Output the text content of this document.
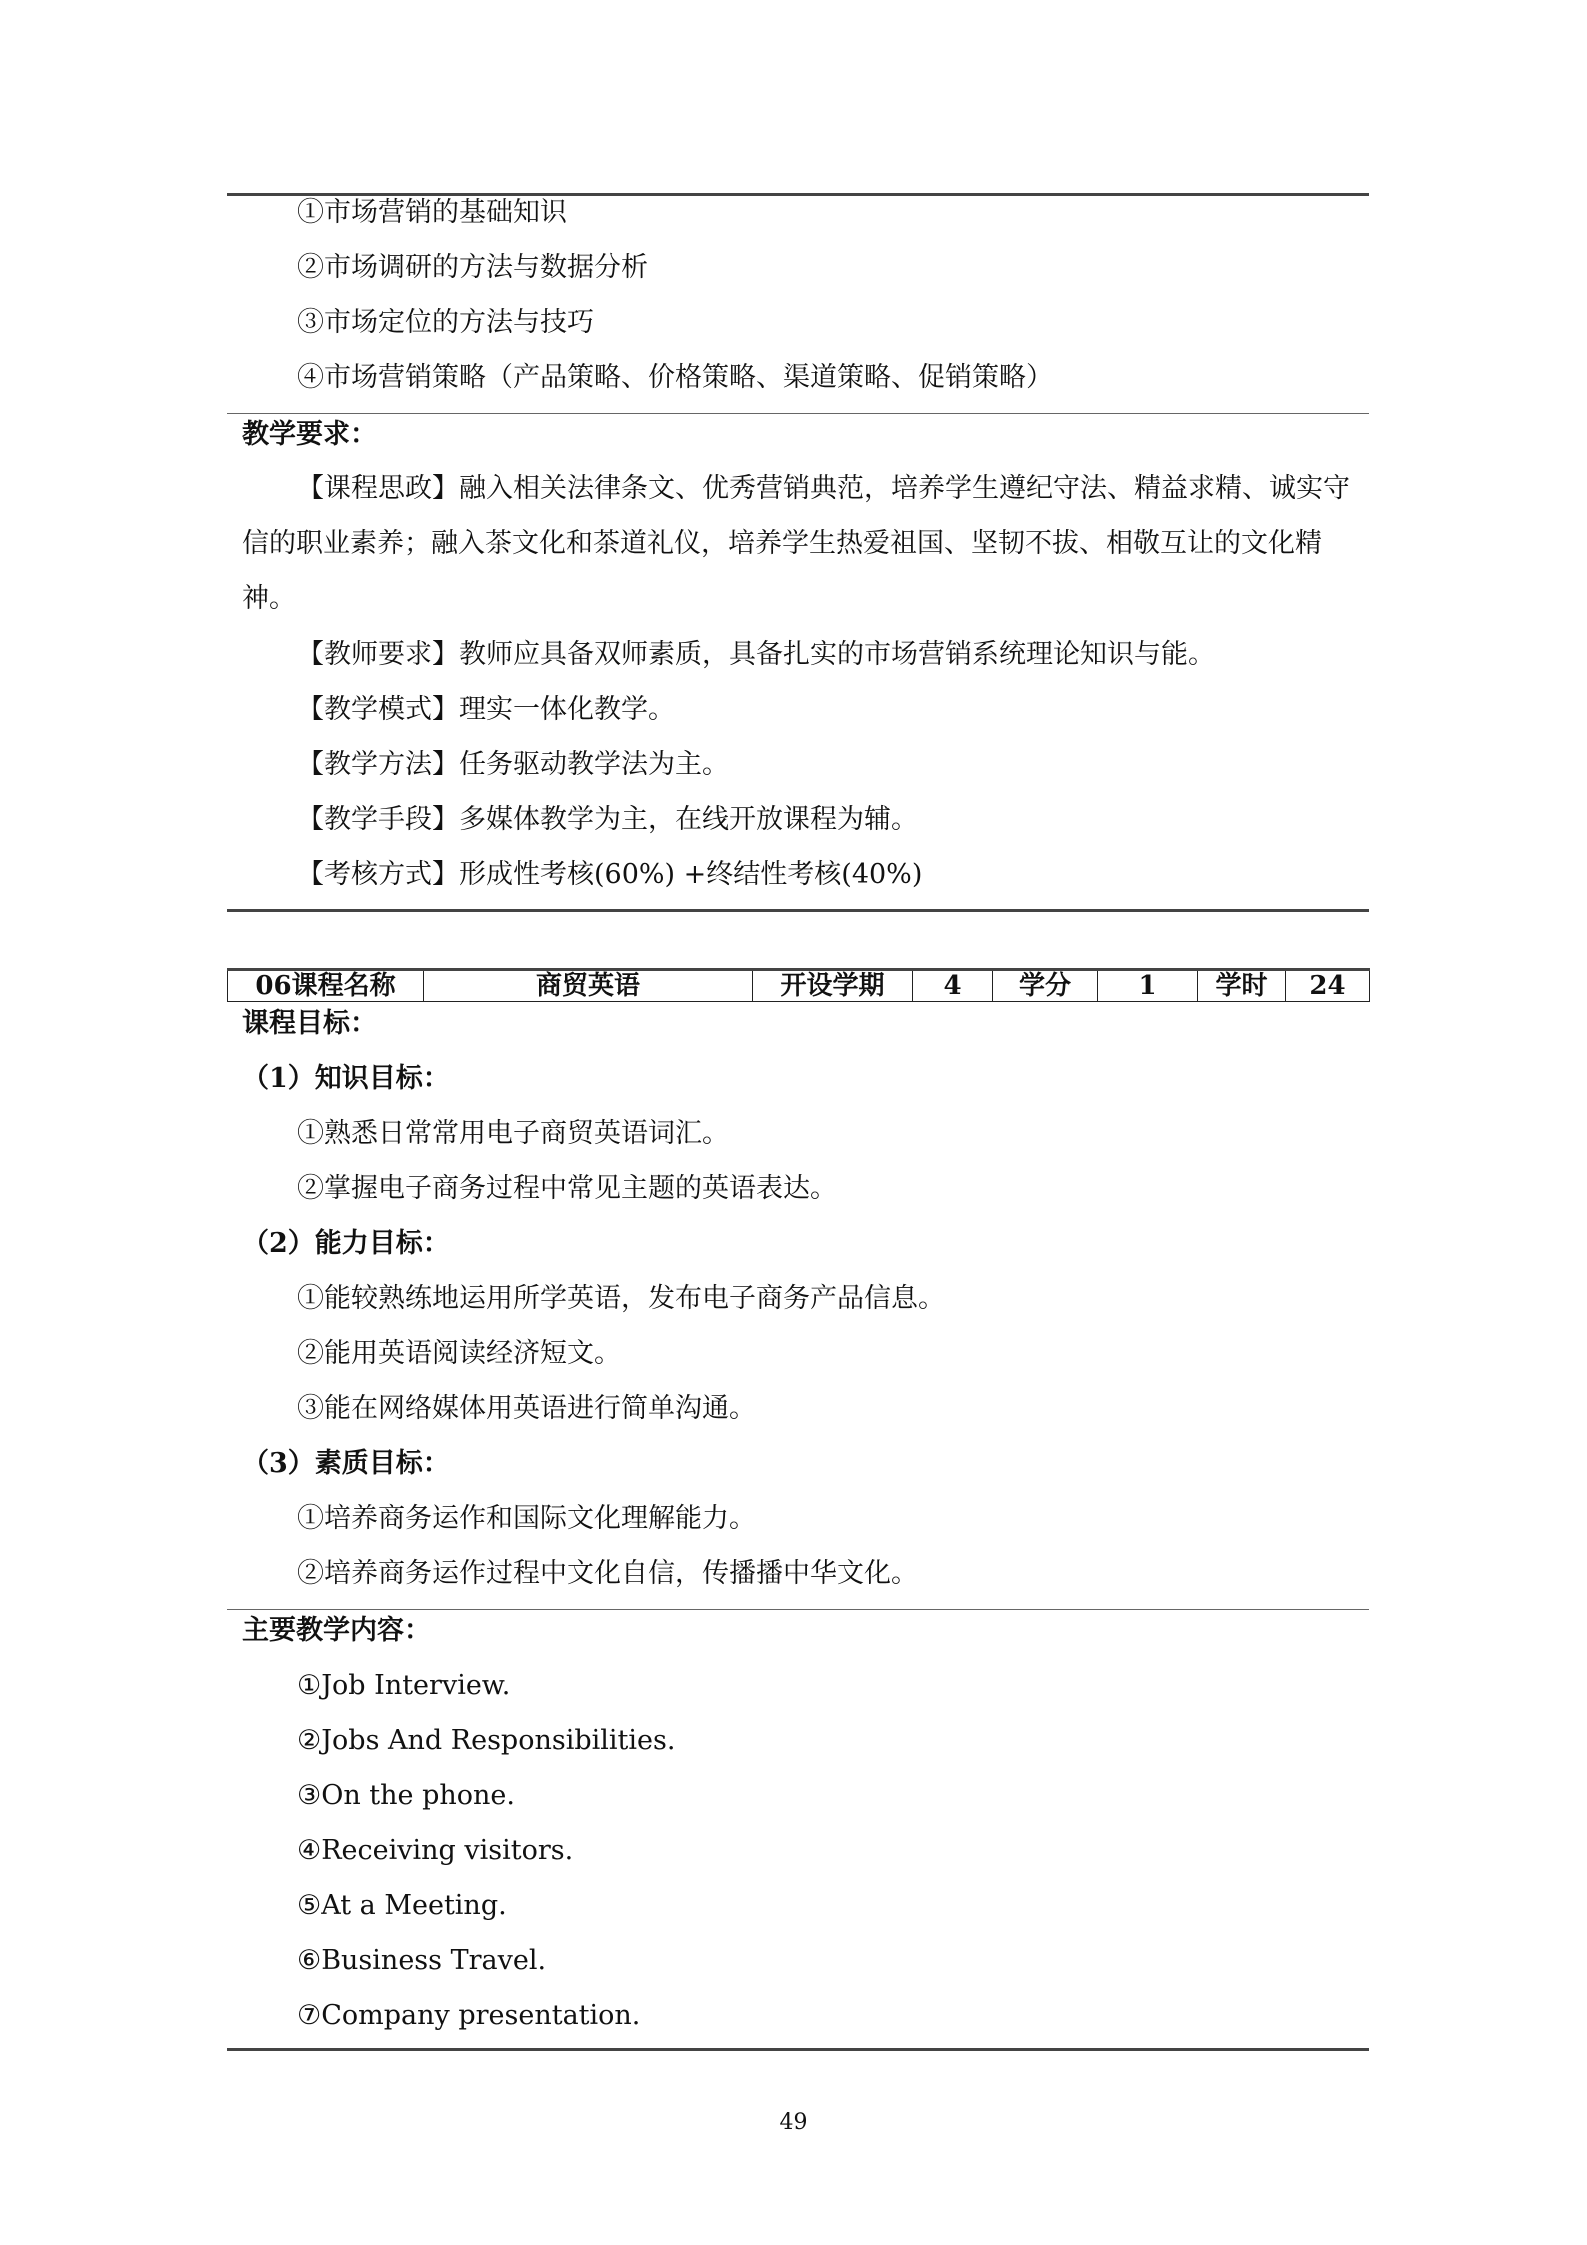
①市场营销的基础知识
②市场调研的方法与数据分析
③市场定位的方法与技巧
④市场营销策略（产品策略、价格策略、渠道策略、促销策略）
教学要求：
【课程思政】融入相关法律条文、优秀营销典范，培养学生遵纪守法、精益求精、诚实守信的职业素养；融入茶文化和茶道礼仪，培养学生热爱祖国、坚韧不拔、相敬互让的文化精神。
【教师要求】教师应具备双师素质，具备扎实的市场营销系统理论知识与能。
【教学模式】理实一体化教学。
【教学方法】任务驱动教学法为主。
【教学手段】多媒体教学为主，在线开放课程为辅。
【考核方式】形成性考核(60%) +终结性考核(40%)
06课程名称	商贸英语	开设学期	4	学分	1	学时	24
课程目标：
（1）知识目标：
①熟悉日常常用电子商贸英语词汇。
②掌握电子商务过程中常见主题的英语表达。
（2）能力目标：
①能较熟练地运用所学英语，发布电子商务产品信息。
②能用英语阅读经济短文。
③能在网络媒体用英语进行简单沟通。
（3）素质目标：
①培养商务运作和国际文化理解能力。
②培养商务运作过程中文化自信，传播播中华文化。
主要教学内容：
①Job Interview.
②Jobs And Responsibilities.
③On the phone.
④Receiving visitors.
⑤At a Meeting.
⑥Business Travel.
⑦Company presentation.
49
